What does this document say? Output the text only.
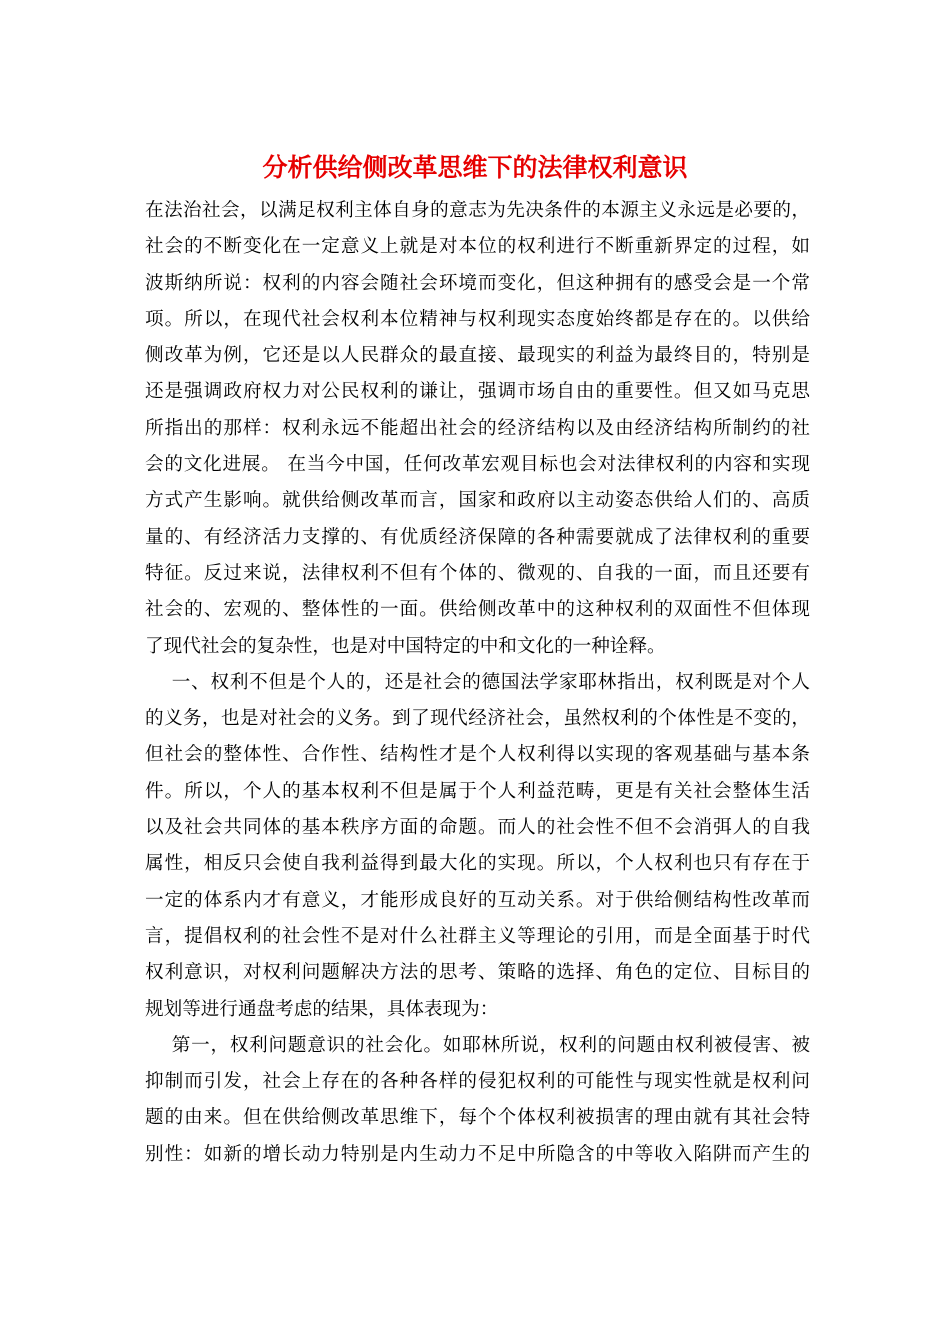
分析供给侧改革思维下的法律权利意识
在法治社会，以满足权利主体自身的意志为先决条件的本源主义永远是必要的，
社会的不断变化在一定意义上就是对本位的权利进行不断重新界定的过程，如
波斯纳所说：权利的内容会随社会环境而变化，但这种拥有的感受会是一个常
项。所以，在现代社会权利本位精神与权利现实态度始终都是存在的。以供给
侧改革为例，它还是以人民群众的最直接、最现实的利益为最终目的，特别是
还是强调政府权力对公民权利的谦让，强调市场自由的重要性。但又如马克思
所指出的那样：权利永远不能超出社会的经济结构以及由经济结构所制约的社
会的文化进展。 在当今中国，任何改革宏观目标也会对法律权利的内容和实现
方式产生影响。就供给侧改革而言，国家和政府以主动姿态供给人们的、高质
量的、有经济活力支撑的、有优质经济保障的各种需要就成了法律权利的重要
特征。反过来说，法律权利不但有个体的、微观的、自我的一面，而且还要有
社会的、宏观的、整体性的一面。供给侧改革中的这种权利的双面性不但体现
了现代社会的复杂性，也是对中国特定的中和文化的一种诠释。
一、权利不但是个人的，还是社会的德国法学家耶林指出，权利既是对个人
的义务，也是对社会的义务。到了现代经济社会，虽然权利的个体性是不变的，
但社会的整体性、合作性、结构性才是个人权利得以实现的客观基础与基本条
件。所以，个人的基本权利不但是属于个人利益范畴，更是有关社会整体生活
以及社会共同体的基本秩序方面的命题。而人的社会性不但不会消弭人的自我
属性，相反只会使自我利益得到最大化的实现。所以，个人权利也只有存在于
一定的体系内才有意义，才能形成良好的互动关系。对于供给侧结构性改革而
言，提倡权利的社会性不是对什么社群主义等理论的引用，而是全面基于时代
权利意识，对权利问题解决方法的思考、策略的选择、角色的定位、目标目的
规划等进行通盘考虑的结果，具体表现为：
第一，权利问题意识的社会化。如耶林所说，权利的问题由权利被侵害、被
抑制而引发，社会上存在的各种各样的侵犯权利的可能性与现实性就是权利问
题的由来。但在供给侧改革思维下，每个个体权利被损害的理由就有其社会特
别性：如新的增长动力特别是内生动力不足中所隐含的中等收入陷阱而产生的
